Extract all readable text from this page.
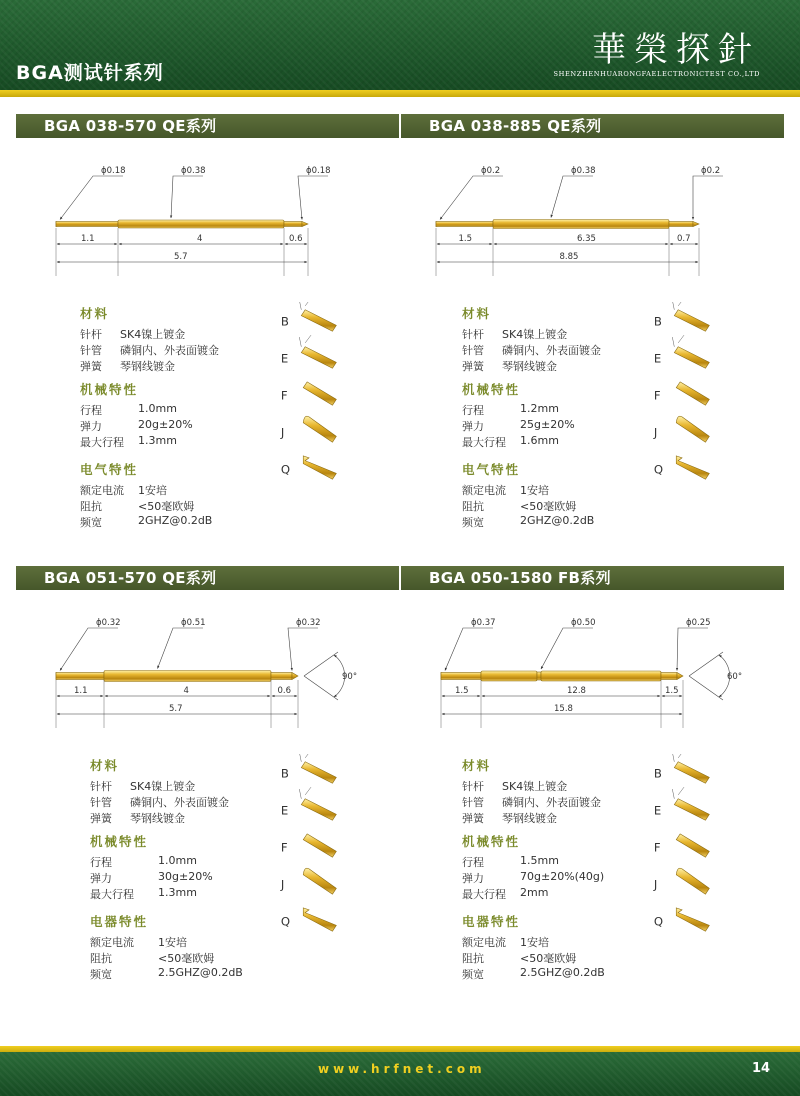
BGA测试针系列
華榮探針
SHENZHENHUARONGFAELECTRONICTEST CO.,LTD
BGA 038-570 QE系列
ϕ0.18	ϕ0.38	ϕ0.18
1.1	4	0.6
5.7
BGA 038-885 QE系列
ϕ0.2	ϕ0.38	ϕ0.2
1.5	6.35	0.7
8.85
BGA 051-570 QE系列
ϕ0.32	ϕ0.51	ϕ0.32
1.1	4	0.6
5.7
90°
BGA 050-1580 FB系列
ϕ0.37	ϕ0.50	ϕ0.25
1.5	12.8	1.5
15.8
60°
www.hrfnet.com	14
材料
针杆 SK4镍上镀金
针管 磷铜内、外表面镀金
弹簧 琴钢线镀金
机械特性
行程	1.0mm
弹力	20g±20%
最大行程 1.3mm
电气特性
额定电流 1安培
阻抗	<50毫欧姆
频宽	2GHZ@0.2dB
B
E
F
J
Q
材料
针杆 SK4镍上镀金
针管 磷铜内、外表面镀金
弹簧 琴钢线镀金
机械特性
行程	1.2mm
弹力	25g±20%
最大行程 1.6mm
电气特性
额定电流 1安培
阻抗	<50毫欧姆
频宽	2GHZ@0.2dB
B
E
F
J
Q
材料
针杆 SK4镍上镀金
针管 磷铜内、外表面镀金
弹簧 琴钢线镀金
机械特性
行程	1.0mm
弹力	30g±20%
最大行程 1.3mm
电器特性
额定电流 1安培
阻抗	<50毫欧姆
频宽	2.5GHZ@0.2dB
B
E
F
J
Q
材料
针杆 SK4镍上镀金
针管 磷铜内、外表面镀金
弹簧 琴钢线镀金
机械特性
行程	1.5mm
弹力	70g±20%(40g)
最大行程 2mm
电器特性
额定电流 1安培
阻抗	<50毫欧姆
频宽	2.5GHZ@0.2dB
B
E
F
J
Q
